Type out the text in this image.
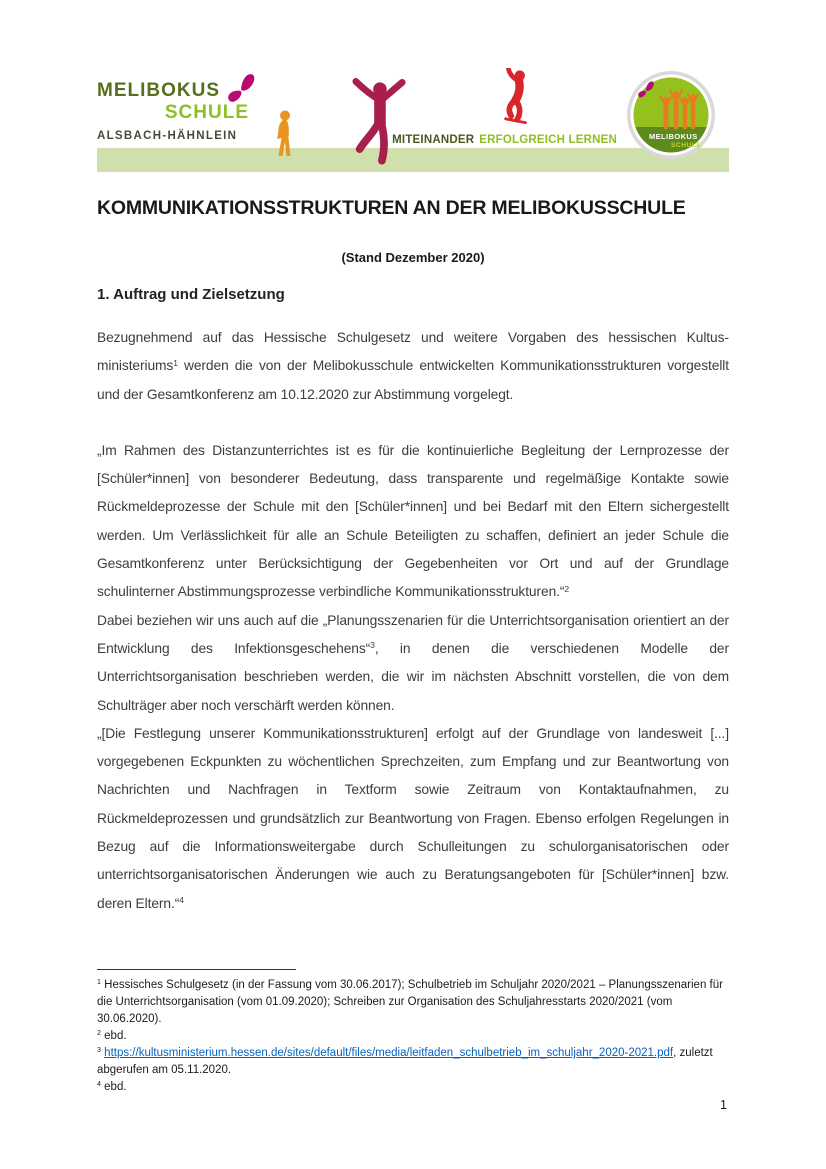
MELIBOKUS
SCHULE
ALSBACH-HÄHNLEIN	MITEINANDER ERFOLGREICH LERNEN	MELIBOKUS
SCHULE
KOMMUNIKATIONSSTRUKTUREN AN DER MELIBOKUSSCHULE
(Stand Dezember 2020)
1. Auftrag und Zielsetzung
Bezugnehmend auf das Hessische Schulgesetz und weitere Vorgaben des hessischen Kultusministeriums$^1$ werden die von der Melibokusschule entwickelten Kommunikationsstrukturen vorgestellt und der Gesamtkonferenz am 10.12.2020 zur Abstimmung vorgelegt.
„Im Rahmen des Distanzunterrichtes ist es für die kontinuierliche Begleitung der Lernprozesse der [Schüler*innen] von besonderer Bedeutung, dass transparente und regelmäßige Kontakte sowie Rückmeldeprozesse der Schule mit den [Schüler*innen] und bei Bedarf mit den Eltern sichergestellt werden. Um Verlässlichkeit für alle an Schule Beteiligten zu schaffen, definiert an jeder Schule die Gesamtkonferenz unter Berücksichtigung der Gegebenheiten vor Ort und auf der Grundlage schulinterner Abstimmungsprozesse verbindliche Kommunikationsstrukturen.“$^2$
Dabei beziehen wir uns auch auf die „Planungsszenarien für die Unterrichtsorganisation orientiert an der Entwicklung des Infektionsgeschehens“$^3$, in denen die verschiedenen Modelle der Unterrichtsorganisation beschrieben werden, die wir im nächsten Abschnitt vorstellen, die von dem Schulträger aber noch verschärft werden können.
„[Die Festlegung unserer Kommunikationsstrukturen] erfolgt auf der Grundlage von landesweit [...] vorgegebenen Eckpunkten zu wöchentlichen Sprechzeiten, zum Empfang und zur Beantwortung von Nachrichten und Nachfragen in Textform sowie Zeitraum von Kontaktaufnahmen, zu Rückmeldeprozessen und grundsätzlich zur Beantwortung von Fragen. Ebenso erfolgen Regelungen in Bezug auf die Informationsweitergabe durch Schulleitungen zu schulorganisatorischen oder unterrichtsorganisatorischen Änderungen wie auch zu Beratungsangeboten für [Schüler*innen] bzw. deren Eltern.“$^4$
$^1$ Hessisches Schulgesetz (in der Fassung vom 30.06.2017); Schulbetrieb im Schuljahr 2020/2021 – Planungsszenarien für die Unterrichtsorganisation (vom 01.09.2020); Schreiben zur Organisation des Schuljahresstarts 2020/2021 (vom 30.06.2020).
$^2$ ebd.
$^3$ https://kultusministerium.hessen.de/sites/default/files/media/leitfaden_schulbetrieb_im_schuljahr_2020-2021.pdf, zuletzt abgerufen am 05.11.2020.
$^4$ ebd.
1
